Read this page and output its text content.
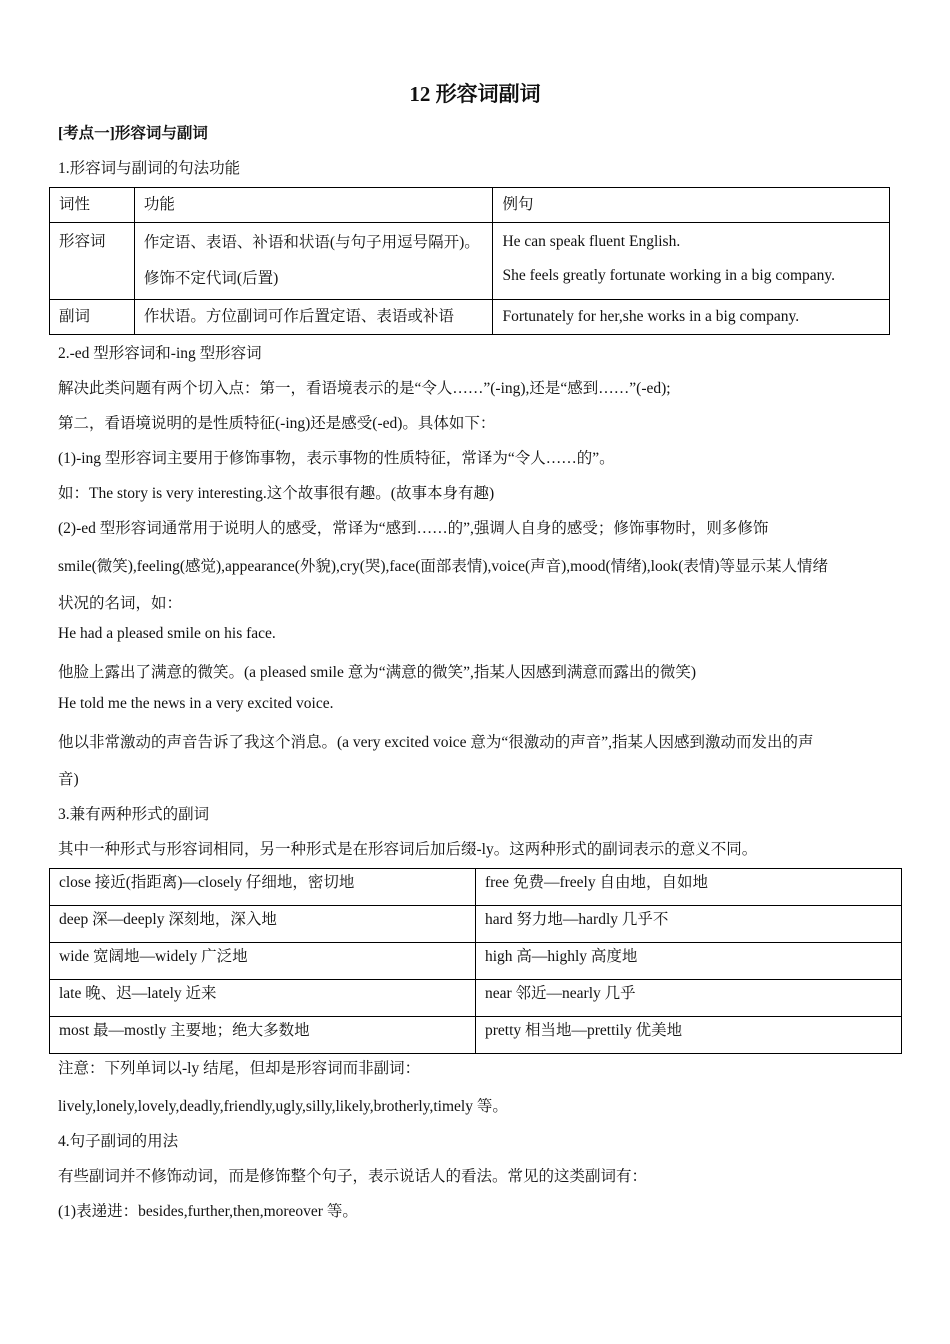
12 形容词副词
[考点一]形容词与副词
1.形容词与副词的句法功能
词性	功能	例句
形容词	作定语、表语、补语和状语(与句子用逗号隔开)。修饰不定代词(后置)	He can speak fluent English.
She feels greatly fortunate working in a big company.

副词	作状语。方位副词可作后置定语、表语或补语	Fortunately for her,she works in a big company.
2.-ed 型形容词和-ing 型形容词
解决此类问题有两个切入点：第一，看语境表示的是“令人……”(-ing),还是“感到……”(-ed);
第二，看语境说明的是性质特征(-ing)还是感受(-ed)。具体如下：
(1)-ing 型形容词主要用于修饰事物，表示事物的性质特征，常译为“令人……的”。
如：The story is very interesting.这个故事很有趣。(故事本身有趣)
(2)-ed 型形容词通常用于说明人的感受，常译为“感到……的”,强调人自身的感受；修饰事物时，则多修饰
smile(微笑),feeling(感觉),appearance(外貌),cry(哭),face(面部表情),voice(声音),mood(情绪),look(表情)等显示某人情绪
状况的名词，如：
He had a pleased smile on his face.
他脸上露出了满意的微笑。(a pleased smile 意为“满意的微笑”,指某人因感到满意而露出的微笑)
He told me the news in a very excited voice.
他以非常激动的声音告诉了我这个消息。(a very excited voice 意为“很激动的声音”,指某人因感到激动而发出的声
音)
3.兼有两种形式的副词
其中一种形式与形容词相同，另一种形式是在形容词后加后缀-ly。这两种形式的副词表示的意义不同。
close 接近(指距离)—closely 仔细地，密切地	free 免费—freely 自由地，自如地
deep 深—deeply 深刻地，深入地	hard 努力地—hardly 几乎不
wide 宽阔地—widely 广泛地	high 高—highly 高度地
late 晚、迟—lately 近来	near 邻近—nearly 几乎
most 最—mostly 主要地；绝大多数地	pretty 相当地—prettily 优美地
注意：下列单词以-ly 结尾，但却是形容词而非副词：
lively,lonely,lovely,deadly,friendly,ugly,silly,likely,brotherly,timely 等。
4.句子副词的用法
有些副词并不修饰动词，而是修饰整个句子，表示说话人的看法。常见的这类副词有：
(1)表递进：besides,further,then,moreover 等。
